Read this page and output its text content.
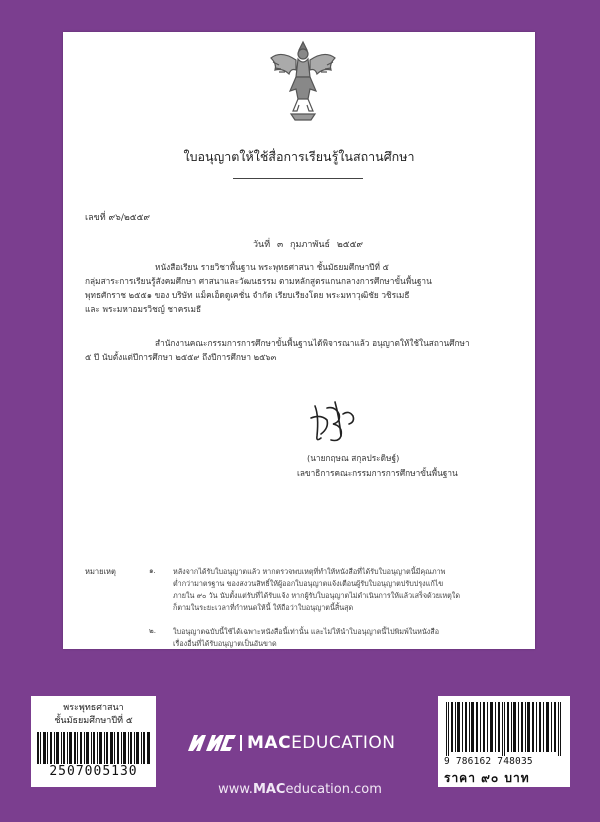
ใบอนุญาตให้ใช้สื่อการเรียนรู้ในสถานศึกษา
เลขที่ ๙๖/๒๕๕๙
วันที่ ๓ กุมภาพันธ์ ๒๕๕๙
หนังสือเรียน รายวิชาพื้นฐาน พระพุทธศาสนา ชั้นมัธยมศึกษาปีที่ ๕
กลุ่มสาระการเรียนรู้สังคมศึกษา ศาสนาและวัฒนธรรม ตามหลักสูตรแกนกลางการศึกษาขั้นพื้นฐาน
พุทธศักราช ๒๕๕๑ ของ บริษัท แม็คเอ็ดดูเคชั่น จำกัด เรียบเรียงโดย พระมหาวุฒิชัย วชิรเมธี
และ พระมหาอมรวิชญ์ ชาครเมธี
สำนักงานคณะกรรมการการศึกษาขั้นพื้นฐานได้พิจารณาแล้ว อนุญาตให้ใช้ในสถานศึกษา
๕ ปี นับตั้งแต่ปีการศึกษา ๒๕๕๙ ถึงปีการศึกษา ๒๕๖๓
(นายกฤษณ สกุลประดิษฐ์)
เลขาธิการคณะกรรมการการศึกษาขั้นพื้นฐาน
หมายเหตุ	๑. หลังจากได้รับใบอนุญาตแล้ว หากตรวจพบเหตุที่ทำให้หนังสือที่ได้รับใบอนุญาตนี้มีคุณภาพ
ต่ำกว่ามาตรฐาน ของสงวนสิทธิ์ให้ผู้ออกใบอนุญาตแจ้งเตือนผู้รับใบอนุญาตปรับปรุงแก้ไข
ภายใน ๙๐ วัน นับตั้งแต่รับที่ได้รับแจ้ง หากผู้รับใบอนุญาตไม่ดำเนินการให้แล้วเสร็จด้วยเหตุใด
ก็ตามในระยะเวลาที่กำหนดให้นี้ ให้ถือว่าใบอนุญาตนี้สิ้นสุด
๒. ใบอนุญาตฉบับนี้ใช้ได้เฉพาะหนังสือนี้เท่านั้น และไม่ให้นำใบอนุญาตนี้ไปพิมพ์ในหนังสือ
เรื่องอื่นที่ได้รับอนุญาตเป็นอันขาด
พระพุทธศาสนา
ชั้นมัธยมศึกษาปีที่ ๕
2507005130
MACEDUCATION
www.MACeducation.com
9 786162 748035
ราคา ๙๐ บาท
